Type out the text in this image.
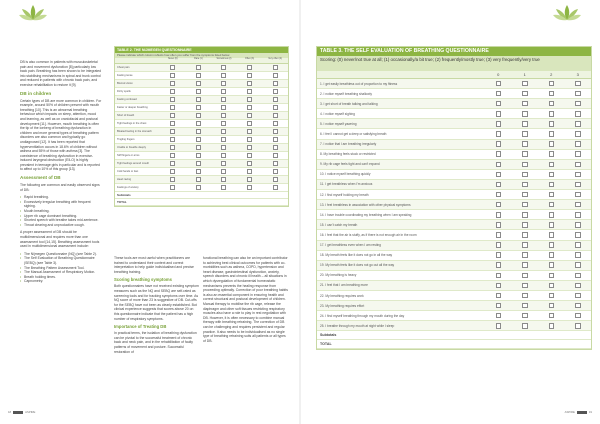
DB is also common in patients with musculoskeletal pain and movement dysfunction [8] particularly low back pain. Breathing has been shown to be integrated into stabilising mechanisms in spinal and trunk control and reduced in patients with chronic back pain, and exercise rehabilitation to restore it [9].

DB in children

Certain types of DB are more common in children. For example, around 50% of children present with mouth breathing [10]. This is an abnormal breathing behaviour which impacts on sleep, attention, mood and learning, as well as on craniofacial and postural development [11]. However, mouth breathing is often the tip of the iceberg of breathing dysfunction in children and more general types of breathing pattern disorders are also common and typically go undiagnosed [12]. It has been reported that hyperventilation occurs in 18.6% of children without asthma and 55% of those with asthma [3]. The coexistence of breathing dysfunction in exercise-induced laryngeal obstruction (EILO) is highly prevalent in teenage girls in particular and is reported to affect up to 10% of this group [13].

Assessment of DB

The following are common and easily observed signs of DB:

• Rapid breathing.
• Excessively irregular breathing with frequent sighing.
• Mouth breathing.
• Upper rib cage dominant breathing.
• Shorted speech with breathe takes mid-sentence.
• Throat clearing and unproductive cough.

A proper assessment of DB should be multidimensional and requires more than one assessment tool [14,15]. Breathing assessment tools used in multidimensional assessment include:

• The Nijmegen Questionnaire (NQ) (see Table 2).
• The Self Evaluation of Breathing Questionnaire (SEBQ) (see Table 3).
• The Breathing Pattern Assessment Tool.
• The Manual Assessment of Respiratory Motion.
• Breath holding times.
• Capnometry.
TABLE 2. THE NIJMEGEN QUESTIONNAIRE
Please indicate which column reflects how often you suffer from the symptoms listed below
Never (0)	Rare (1)	Sometimes (2)	Often (3)	Very often (4)
Chest pain
Feeling tense
Blurred vision
Dizzy spells
Feeling confused
Faster or deeper breathing
Short of breath
Tight feelings in the chest
Bloated feeling in the stomach
Tingling fingers
Unable to breathe deeply
Stiff fingers or arms
Tight feelings around mouth
Cold hands or feet
Heart racing
Feelings of anxiety
Subtotals
TOTAL

These tools are most useful when practitioners are trained to understand their context and correct interpretation to help guide individualised and precise breathing training.

Scoring breathing symptoms

Both questionnaires have not received existing symptom measures such as the NQ and SEBQ are self-rated as screening tools and for tracking symptoms over time. As NQ score of more than 23 is suggestive of DB. Cut-offs for the SEBQ have not been as clearly established. But clinical experience suggests that scores above 20 on this questionnaire indicate that the patient has a high number of respiratory symptoms.

Importance of Treating DB

In practical terms, the isolation of breathing dysfunction can be pivotal to the successful treatment of chronic back and neck pain, and in the rehabilitation of faulty patterns of movement and posture. Successful restoration of

functional breathing can also be an important contributor to achieving best clinical outcomes for patients with co-morbidities such as asthma, COPD, hypertension and heart disease, gastrointestinal dysfunction, anxiety, speech disorders and chronic ill health – all situations in which dysregulation of fundamental homeostatic mechanisms prevents the healing response from proceeding optimally. Correction of poor breathing habits is also an essential component in ensuring health and correct structural and postural development of children. Manual therapy to mobilise the rib cage, release the diaphragm and other soft tissues restricting respiratory muscles also have a role to play in rest negotiation with DB. However, it is often necessary to combine manual therapy with breathing retraining. The correction of DB can be challenging and requires persistent and regular practice. It also needs to be individualised as no single type of breathing retraining suits all patients or all types of DB.

TABLE 3. THE SELF EVALUATION OF BREATHING QUESTIONNAIRE
Scoring: (0) never/not true at all; (1) occasionally/a bit true; (2) frequently/mostly true; (3) very frequently/very true
0	1	2	3
1. I get easily breathless out of proportion to my fitness
2. I notice myself breathing shallowly
3. I get short of breath talking and talking
4. I notice myself sighing
5. I notice myself yawning
6. I feel I cannot get a deep or satisfying breath
7. I notice that I am breathing irregularly
8. My breathing feels stuck or restricted
9. My rib cage feels tight and can't expand
10. I notice myself breathing quickly
11. I get breathless when I'm anxious
12. I find myself holding my breath
13. I feel breathless in association with other physical symptoms
14. I have trouble coordinating my breathing when I am speaking
15. I can't catch my breath
16. I feel that the air is stuffy, as if there is not enough air in the room
17. I get breathless even when I am resting
18. My breath feels like it does not go in all the way
19. My breath feels like it does not go out all the way
20. My breathing is heavy
21. I feel that I am breathing more
22. My breathing requires work
23. My breathing requires effort
24. I find myself breathing through my mouth during the day
25. I breathe through my mouth at night while I sleep
Subtotals
TOTAL
18	ASPIRE	ASPIRE	19
